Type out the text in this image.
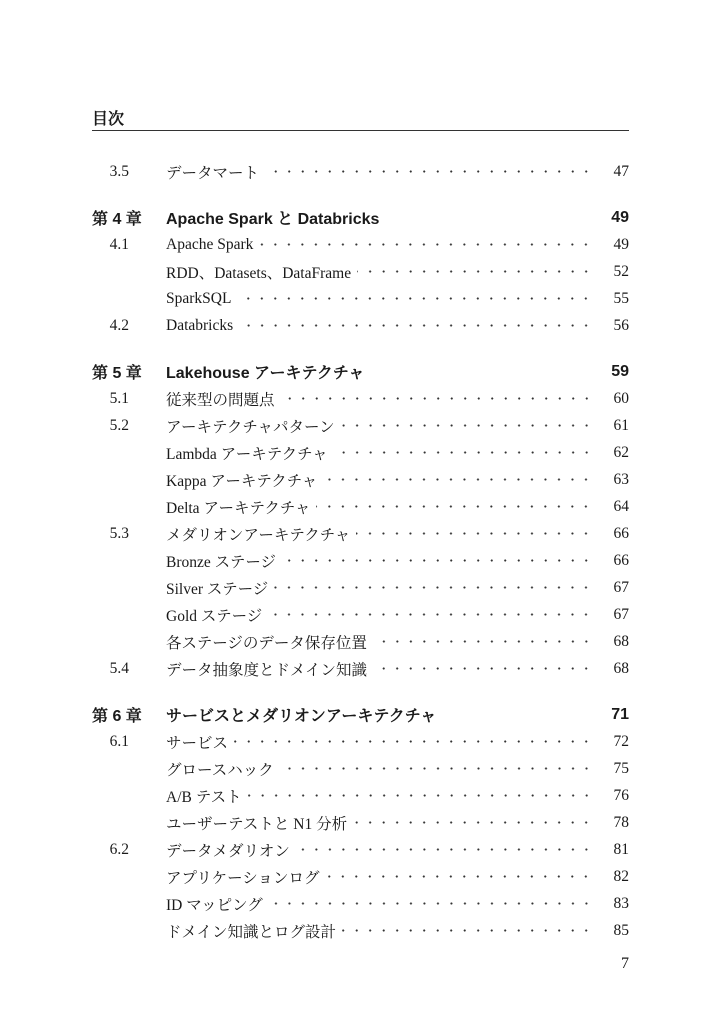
目次
3.5 データマート	47
第 4 章	Apache Spark と Databricks	49
4.1 Apache Spark	49
RDD、Datasets、DataFrame	52
SparkSQL	55
4.2 Databricks	56
第 5 章	Lakehouse アーキテクチャ	59
5.1 従来型の問題点	60
5.2 アーキテクチャパターン	61
Lambda アーキテクチャ	62
Kappa アーキテクチャ	63
Delta アーキテクチャ	64
5.3 メダリオンアーキテクチャ	66
Bronze ステージ	66
Silver ステージ	67
Gold ステージ	67
各ステージのデータ保存位置	68
5.4 データ抽象度とドメイン知識	68
第 6 章	サービスとメダリオンアーキテクチャ	71
6.1 サービス	72
グロースハック	75
A/B テスト	76
ユーザーテストと N1 分析	78
6.2 データメダリオン	81
アプリケーションログ	82
ID マッピング	83
ドメイン知識とログ設計	85
7
